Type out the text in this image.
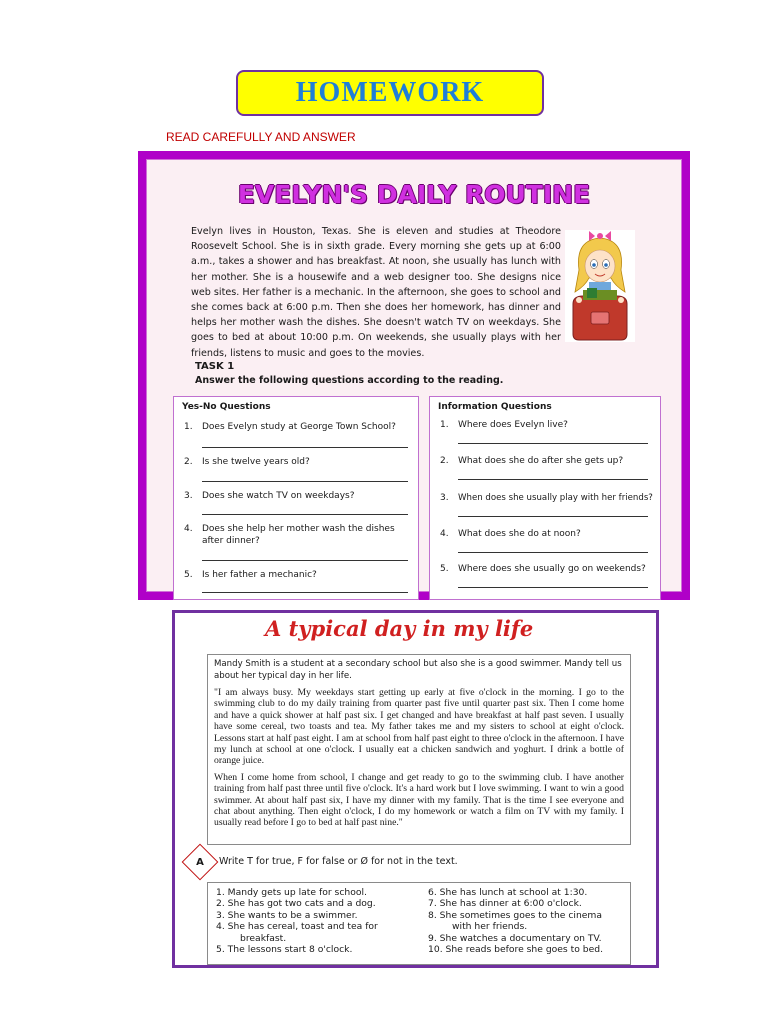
HOMEWORK
READ CAREFULLY AND ANSWER
EVELYN'S DAILY ROUTINE
Evelyn lives in Houston, Texas. She is eleven and studies at Theodore Roosevelt School. She is in sixth grade. Every morning she gets up at 6:00 a.m., takes a shower and has breakfast. At noon, she usually has lunch with her mother. She is a housewife and a web designer too. She designs nice web sites. Her father is a mechanic. In the afternoon, she goes to school and she comes back at 6:00 p.m. Then she does her homework, has dinner and helps her mother wash the dishes. She doesn't watch TV on weekdays. She goes to bed at about 10:00 p.m. On weekends, she usually plays with her friends, listens to music and goes to the movies.
TASK 1
Answer the following questions according to the reading.
Yes-No Questions
1.	Does Evelyn study at George Town School?
2.	Is she twelve years old?
3.	Does she watch TV on weekdays?
4.	Does she help her mother wash the dishes after dinner?
5.	Is her father a mechanic?
Information Questions
1.	Where does Evelyn live?
2.	What does she do after she gets up?
3.	When does she usually play with her friends?
4.	What does she do at noon?
5.	Where does she usually go on weekends?
A typical day in my life
Mandy Smith is a student at a secondary school but also she is a good swimmer. Mandy tell us about her typical day in her life.

"I am always busy. My weekdays start getting up early at five o'clock in the morning. I go to the swimming club to do my daily training from quarter past five until quarter past six. Then I come home and have a quick shower at half past six. I get changed and have breakfast at half past seven. I usually have some cereal, two toasts and tea. My father takes me and my sisters to school at eight o'clock. Lessons start at half past eight. I am at school from half past eight to three o'clock in the afternoon. I have my lunch at school at one o'clock. I usually eat a chicken sandwich and yoghurt. I drink a bottle of orange juice.

When I come home from school, I change and get ready to go to the swimming club. I have another training from half past three until five o'clock. It's a hard work but I love swimming. I want to win a good swimmer. At about half past six, I have my dinner with my family. That is the time I see everyone and chat about anything. Then eight o'clock, I do my homework or watch a film on TV with my family. I usually read before I go to bed at half past nine."

A	Write T for true, F for false or Ø for not in the text.
1. Mandy gets up late for school.
2. She has got two cats and a dog.
3. She wants to be a swimmer.
4. She has cereal, toast and tea for
breakfast.
5. The lessons start 8 o'clock.
6. She has lunch at school at 1:30.
7. She has dinner at 6:00 o'clock.
8. She sometimes goes to the cinema
with her friends.
9. She watches a documentary on TV.
10. She reads before she goes to bed.
